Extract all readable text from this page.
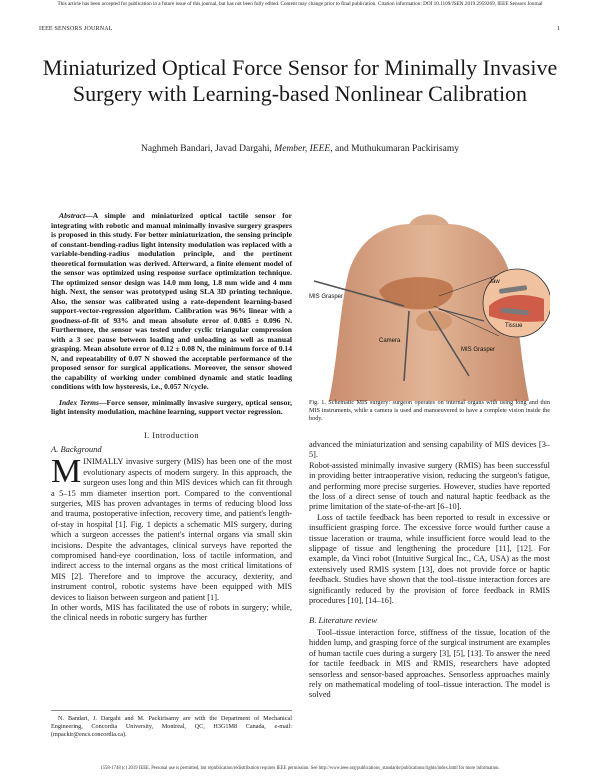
This article has been accepted for publication in a future issue of this journal, but has not been fully edited. Content may change prior to final publication. Citation information: DOI 10.1109/JSEN.2019.2959269, IEEE Sensors Journal
IEEE SENSORS JOURNAL	1
Miniaturized Optical Force Sensor for Minimally Invasive Surgery with Learning-based Nonlinear Calibration
Naghmeh Bandari, Javad Dargahi, Member, IEEE, and Muthukumaran Packirisamy

Abstract—A simple and miniaturized optical tactile sensor for integrating with robotic and manual minimally invasive surgery graspers is proposed in this study. For better miniaturization, the sensing principle of constant-bending-radius light intensity modulation was replaced with a variable-bending-radius modulation principle, and the pertinent theoretical formulation was derived. Afterward, a finite element model of the sensor was optimized using response surface optimization technique. The optimized sensor design was 14.0 mm long, 1.8 mm wide and 4 mm high. Next, the sensor was prototyped using SLA 3D printing technique. Also, the sensor was calibrated using a rate-dependent learning-based support-vector-regression algorithm. Calibration was 96% linear with a goodness-of-fit of 93% and mean absolute error of 0.085 ± 0.096 N. Furthermore, the sensor was tested under cyclic triangular compression with a 3 sec pause between loading and unloading as well as manual grasping. Mean absolute error of 0.12 ± 0.08 N, the minimum force of 0.14 N, and repeatability of 0.07 N showed the acceptable performance of the proposed sensor for surgical applications. Moreover, the sensor showed the capability of working under combined dynamic and static loading conditions with low hysteresis, i.e., 0.057 N/cycle.

Index Terms—Force sensor, minimally invasive surgery, optical sensor, light intensity modulation, machine learning, support vector regression.

I. Introduction
A. Background

MINIMALLY invasive surgery (MIS) has been one of the most evolutionary aspects of modern surgery. In this approach, the surgeon uses long and thin MIS devices which can fit through a 5–15 mm diameter insertion port. Compared to the conventional surgeries, MIS has proven advantages in terms of reducing blood loss and trauma, postoperative infection, recovery time, and patient's length-of-stay in hospital [1]. Fig. 1 depicts a schematic MIS surgery, during which a surgeon accesses the patient's internal organs via small skin incisions. Despite the advantages, clinical surveys have reported the compromised hand-eye coordination, loss of tactile information, and indirect access to the internal organs as the most critical limitations of MIS [2]. Therefore and to improve the accuracy, dexterity, and instrument control, robotic systems have been equipped with MIS devices to liaison between surgeon and patient [1].

In other words, MIS has facilitated the use of robots in surgery; while, the clinical needs in robotic surgery has further

N. Bandari, J. Dargahi and M. Packirisamy are with the Department of Mechanical Engineering, Concordia University, Montreal, QC, H3G1M8 Canada, e-mail: (mpackir@encs.concordia.ca).
MIS Grasper
Camera
MIS Grasper
Jaw
Tissue
Fig. 1. Schematic MIS surgery: surgeon operates on internal organs with using long and thin MIS instruments, while a camera is used and manoeuvered to have a complete vision inside the body.

advanced the miniaturization and sensing capability of MIS devices [3–5].

Robot-assisted minimally invasive surgery (RMIS) has been successful in providing better intraoperative vision, reducing the surgeon's fatigue, and performing more precise surgeries. However, studies have reported the loss of a direct sense of touch and natural haptic feedback as the prime limitation of the state-of-the-art [6–10].

Loss of tactile feedback has been reported to result in excessive or insufficient grasping force. The excessive force would further cause a tissue laceration or trauma, while insufficient force would lead to the slippage of tissue and lengthening the procedure [11], [12]. For example, da Vinci robot (Intuitive Surgical Inc., CA, USA) as the most extensively used RMIS system [13], does not provide force or haptic feedback. Studies have shown that the tool–tissue interaction forces are significantly reduced by the provision of force feedback in RMIS procedures [10], [14–16].

B. Literature review

Tool–tissue interaction force, stiffness of the tissue, location of the hidden lump, and grasping force of the surgical instrument are examples of human tactile cues during a surgery [3], [5], [13]. To answer the need for tactile feedback in MIS and RMIS, researchers have adopted sensorless and sensor-based approaches. Sensorless approaches mainly rely on mathematical modeling of tool–tissue interaction. The model is solved

1558-1748 (c) 2019 IEEE. Personal use is permitted, but republication/redistribution requires IEEE permission. See http://www.ieee.org/publications_standards/publications/rights/index.html for more information.
